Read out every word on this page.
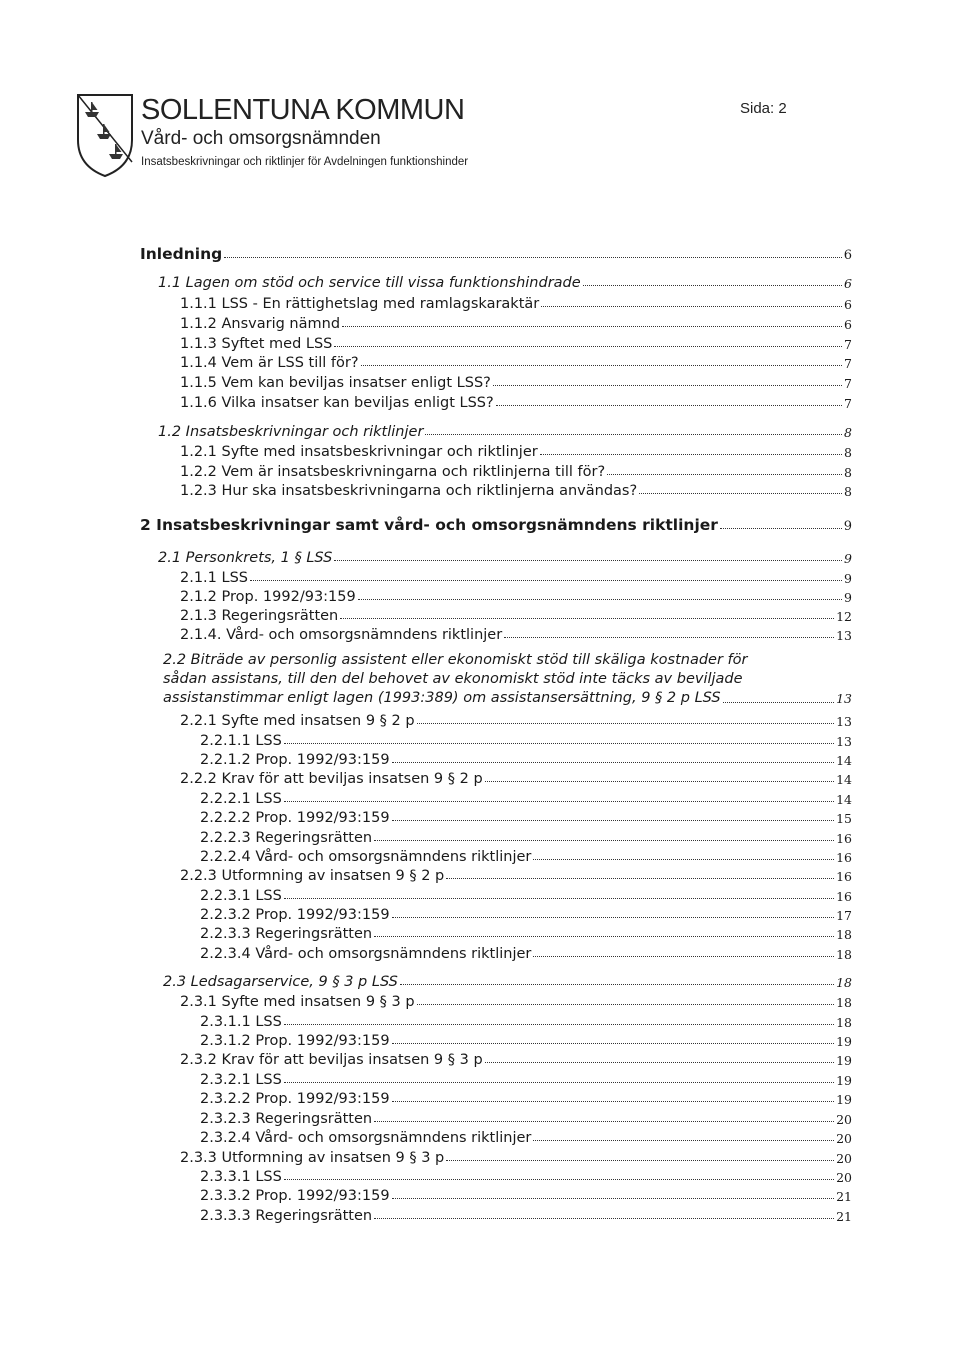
SOLLENTUNA KOMMUN
Vård- och omsorgsnämnden
Insatsbeskrivningar och riktlinjer för Avdelningen funktionshinder
Sida: 2
Inledning	6
1.1 Lagen om stöd och service till vissa funktionshindrade	6
1.1.1 LSS - En rättighetslag med ramlagskaraktär	6
1.1.2 Ansvarig nämnd	6
1.1.3 Syftet med LSS	7
1.1.4 Vem är LSS till för?	7
1.1.5 Vem kan beviljas insatser enligt LSS?	7
1.1.6 Vilka insatser kan beviljas enligt LSS?	7
1.2 Insatsbeskrivningar och riktlinjer	8
1.2.1 Syfte med insatsbeskrivningar och riktlinjer	8
1.2.2 Vem är insatsbeskrivningarna och riktlinjerna till för?	8
1.2.3 Hur ska insatsbeskrivningarna och riktlinjerna användas?	8
2 Insatsbeskrivningar samt vård- och omsorgsnämndens riktlinjer	9
2.1 Personkrets, 1 § LSS	9
2.1.1 LSS	9
2.1.2 Prop. 1992/93:159	9
2.1.3 Regeringsrätten	12
2.1.4. Vård- och omsorgsnämndens riktlinjer	13
2.2 Biträde av personlig assistent eller ekonomiskt stöd till skäliga kostnader för
sådan assistans, till den del behovet av ekonomiskt stöd inte täcks av beviljade
assistanstimmar enligt lagen (1993:389) om assistansersättning, 9 § 2 p LSS	13
2.2.1 Syfte med insatsen 9 § 2 p	13
2.2.1.1 LSS	13
2.2.1.2 Prop. 1992/93:159	14
2.2.2 Krav för att beviljas insatsen 9 § 2 p	14
2.2.2.1 LSS	14
2.2.2.2 Prop. 1992/93:159	15
2.2.2.3 Regeringsrätten	16
2.2.2.4 Vård- och omsorgsnämndens riktlinjer	16
2.2.3 Utformning av insatsen 9 § 2 p	16
2.2.3.1 LSS	16
2.2.3.2 Prop. 1992/93:159	17
2.2.3.3 Regeringsrätten	18
2.2.3.4 Vård- och omsorgsnämndens riktlinjer	18
2.3 Ledsagarservice, 9 § 3 p LSS	18
2.3.1 Syfte med insatsen 9 § 3 p	18
2.3.1.1 LSS	18
2.3.1.2 Prop. 1992/93:159	19
2.3.2 Krav för att beviljas insatsen 9 § 3 p	19
2.3.2.1 LSS	19
2.3.2.2 Prop. 1992/93:159	19
2.3.2.3 Regeringsrätten	20
2.3.2.4 Vård- och omsorgsnämndens riktlinjer	20
2.3.3 Utformning av insatsen 9 § 3 p	20
2.3.3.1 LSS	20
2.3.3.2 Prop. 1992/93:159	21
2.3.3.3 Regeringsrätten	21
